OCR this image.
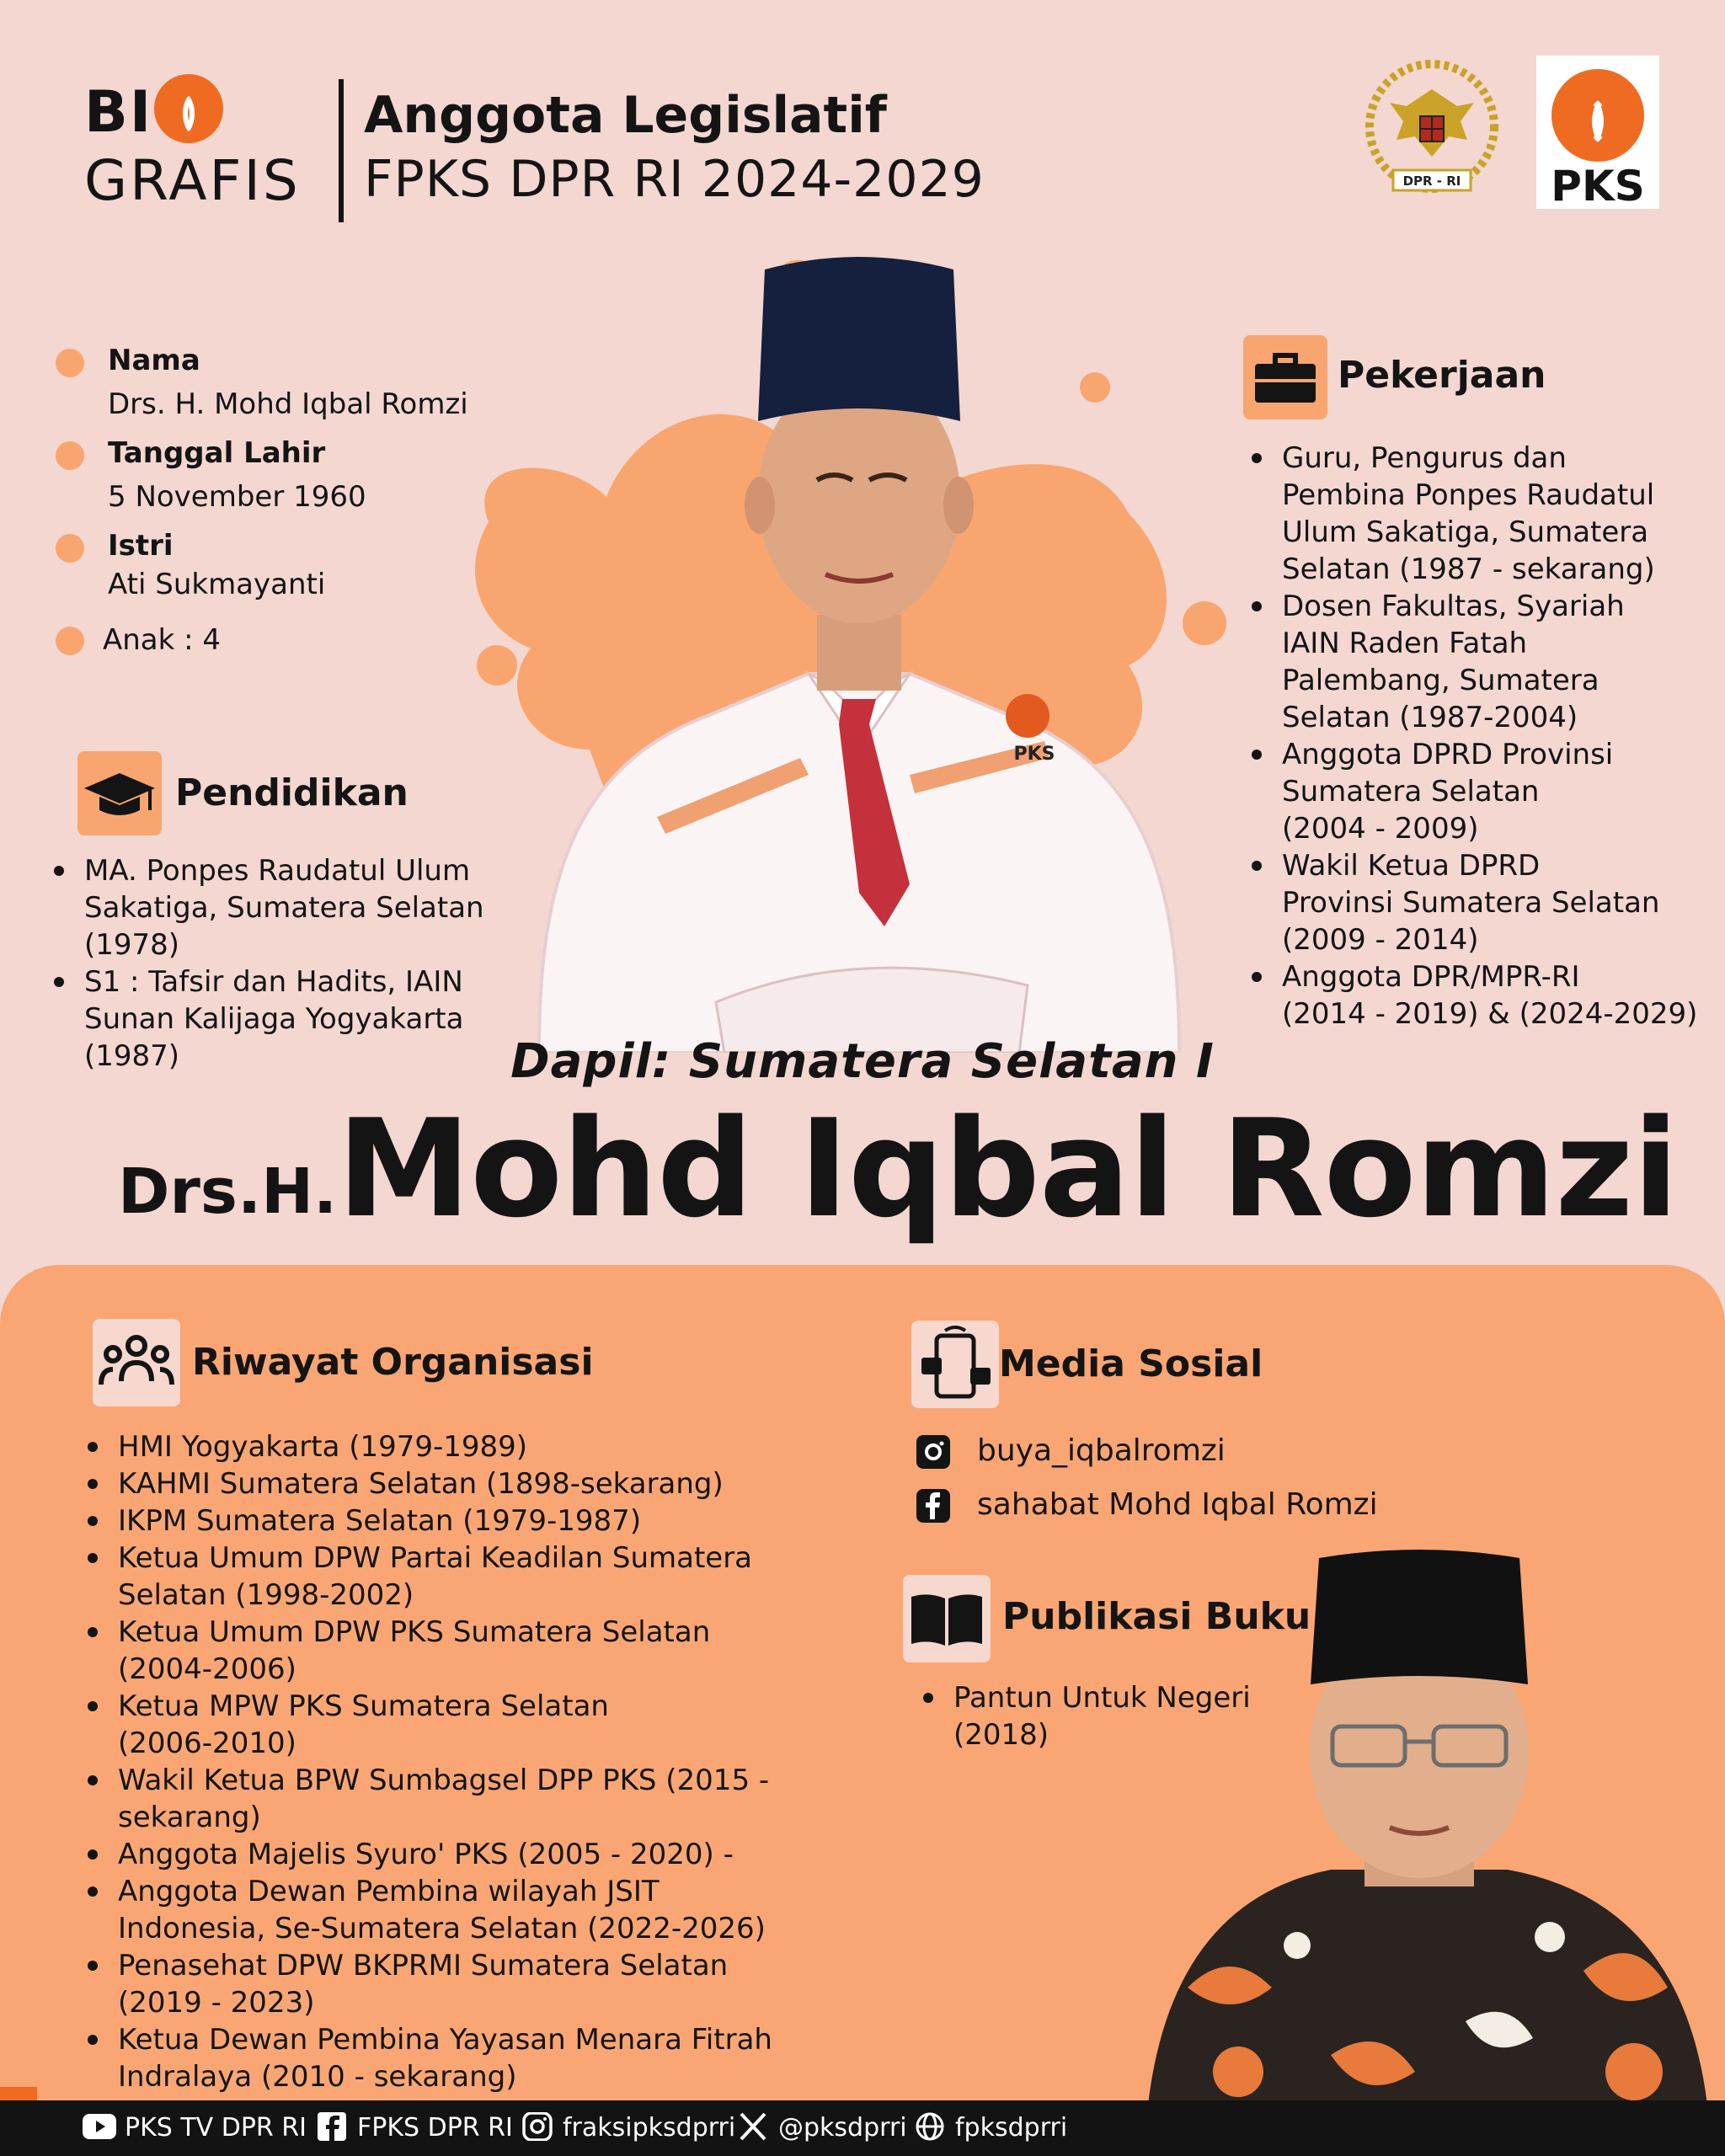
BI
GRAFIS
Anggota Legislatif
FPKS DPR RI 2024-2029	DPR - RI	PKS
PKS
Nama
Drs. H. Mohd Iqbal Romzi
Tanggal Lahir
5 November 1960
Istri
Ati Sukmayanti
Anak : 4
Pendidikan
MA. Ponpes Raudatul Ulum
Sakatiga, Sumatera Selatan
(1978)
S1 : Tafsir dan Hadits, IAIN
Sunan Kalijaga Yogyakarta
(1987)
Pekerjaan
Guru, Pengurus dan
Pembina Ponpes Raudatul
Ulum Sakatiga, Sumatera
Selatan (1987 - sekarang)
Dosen Fakultas, Syariah
IAIN Raden Fatah
Palembang, Sumatera
Selatan (1987-2004)
Anggota DPRD Provinsi
Sumatera Selatan
(2004 - 2009)
Wakil Ketua DPRD
Provinsi Sumatera Selatan
(2009 - 2014)
Anggota DPR/MPR-RI
(2014 - 2019) & (2024-2029)
Dapil: Sumatera Selatan I
Drs.H. Mohd Iqbal Romzi
Riwayat Organisasi
HMI Yogyakarta (1979-1989)
KAHMI Sumatera Selatan (1898-sekarang)
IKPM Sumatera Selatan (1979-1987)
Ketua Umum DPW Partai Keadilan Sumatera
Selatan (1998-2002)
Ketua Umum DPW PKS Sumatera Selatan
(2004-2006)
Ketua MPW PKS Sumatera Selatan
(2006-2010)
Wakil Ketua BPW Sumbagsel DPP PKS (2015 -
sekarang)
Anggota Majelis Syuro' PKS (2005 - 2020) -
Anggota Dewan Pembina wilayah JSIT
Indonesia, Se-Sumatera Selatan (2022-2026)
Penasehat DPW BKPRMI Sumatera Selatan
(2019 - 2023)
Ketua Dewan Pembina Yayasan Menara Fitrah
Indralaya (2010 - sekarang)
Media Sosial
buya_iqbalromzi
sahabat Mohd Iqbal Romzi
Publikasi Buku
Pantun Untuk Negeri
(2018)
PKS TV DPR RI	FPKS DPR RI	fraksipksdprri	@pksdprri	fpksdprri
